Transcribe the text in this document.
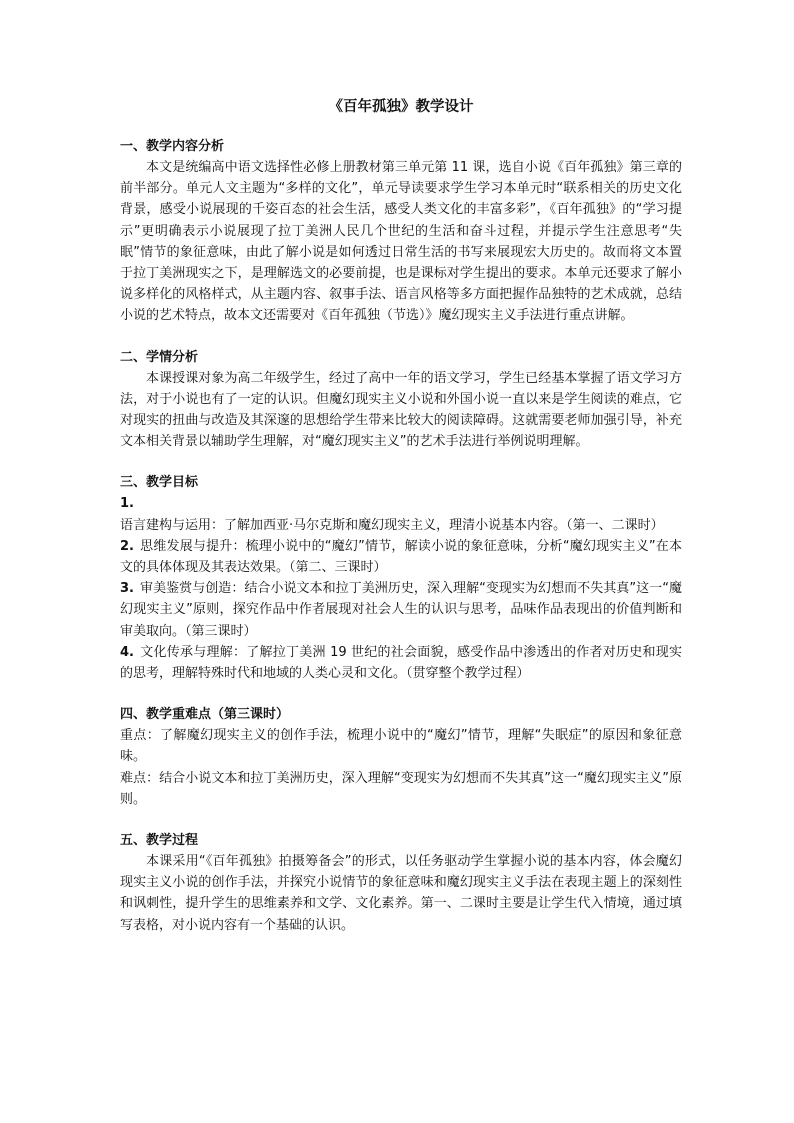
《百年孤独》教学设计
一、教学内容分析

本文是统编高中语文选择性必修上册教材第三单元第 11 课，选自小说《百年孤独》第三章的前半部分。单元人文主题为“多样的文化”，单元导读要求学生学习本单元时“联系相关的历史文化背景，感受小说展现的千姿百态的社会生活，感受人类文化的丰富多彩”，《百年孤独》的“学习提示”更明确表示小说展现了拉丁美洲人民几个世纪的生活和奋斗过程，并提示学生注意思考“失眠”情节的象征意味，由此了解小说是如何透过日常生活的书写来展现宏大历史的。故而将文本置于拉丁美洲现实之下，是理解选文的必要前提，也是课标对学生提出的要求。本单元还要求了解小说多样化的风格样式，从主题内容、叙事手法、语言风格等多方面把握作品独特的艺术成就，总结小说的艺术特点，故本文还需要对《百年孤独（节选）》魔幻现实主义手法进行重点讲解。

二、学情分析

本课授课对象为高二年级学生，经过了高中一年的语文学习，学生已经基本掌握了语文学习方法，对于小说也有了一定的认识。但魔幻现实主义小说和外国小说一直以来是学生阅读的难点，它对现实的扭曲与改造及其深邃的思想给学生带来比较大的阅读障碍。这就需要老师加强引导，补充文本相关背景以辅助学生理解，对“魔幻现实主义”的艺术手法进行举例说明理解。

三、教学目标

1.语言建构与运用：了解加西亚·马尔克斯和魔幻现实主义，理清小说基本内容。（第一、二课时）

2. 思维发展与提升：梳理小说中的“魔幻”情节，解读小说的象征意味，分析“魔幻现实主义”在本文的具体体现及其表达效果。（第二、三课时）

3. 审美鉴赏与创造：结合小说文本和拉丁美洲历史，深入理解“变现实为幻想而不失其真”这一“魔幻现实主义”原则，探究作品中作者展现对社会人生的认识与思考，品味作品表现出的价值判断和审美取向。（第三课时）

4. 文化传承与理解：了解拉丁美洲 19 世纪的社会面貌，感受作品中渗透出的作者对历史和现实的思考，理解特殊时代和地域的人类心灵和文化。（贯穿整个教学过程）

四、教学重难点（第三课时）

重点：了解魔幻现实主义的创作手法，梳理小说中的“魔幻”情节，理解“失眠症”的原因和象征意味。

难点：结合小说文本和拉丁美洲历史，深入理解“变现实为幻想而不失其真”这一“魔幻现实主义”原则。

五、教学过程

本课采用“《百年孤独》拍摄筹备会”的形式，以任务驱动学生掌握小说的基本内容，体会魔幻现实主义小说的创作手法，并探究小说情节的象征意味和魔幻现实主义手法在表现主题上的深刻性和讽刺性，提升学生的思维素养和文学、文化素养。第一、二课时主要是让学生代入情境，通过填写表格，对小说内容有一个基础的认识。
